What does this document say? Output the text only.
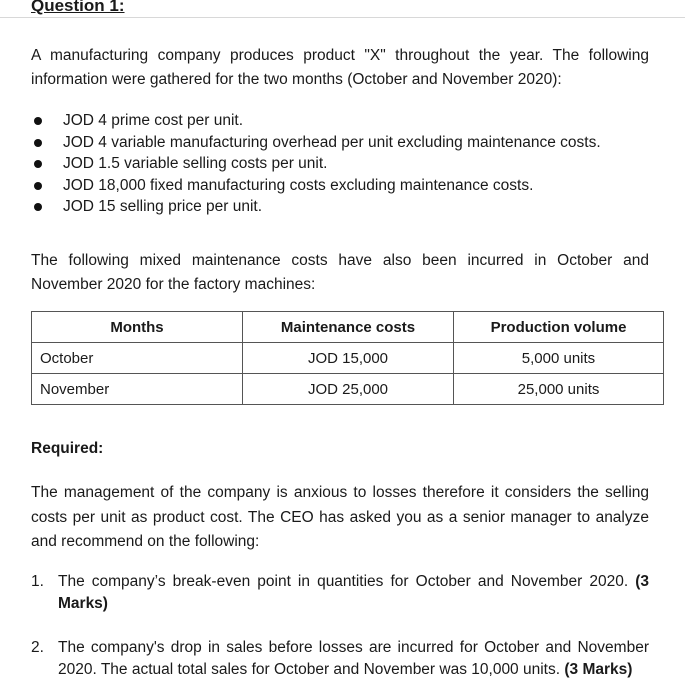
Question 1:

A manufacturing company produces product "X" throughout the year. The following information were gathered for the two months (October and November 2020):

JOD 4 prime cost per unit.
JOD 4 variable manufacturing overhead per unit excluding maintenance costs.
JOD 1.5 variable selling costs per unit.
JOD 18,000 fixed manufacturing costs excluding maintenance costs.
JOD 15 selling price per unit.

The following mixed maintenance costs have also been incurred in October and November 2020 for the factory machines:

Months	Maintenance costs	Production volume
October	JOD 15,000	5,000 units
November	JOD 25,000	25,000 units

Required:

The management of the company is anxious to losses therefore it considers the selling costs per unit as product cost. The CEO has asked you as a senior manager to analyze and recommend on the following:

1. The company’s break-even point in quantities for October and November 2020. (3 Marks)
2. The company's drop in sales before losses are incurred for October and November 2020. The actual total sales for October and November was 10,000 units. (3 Marks)
